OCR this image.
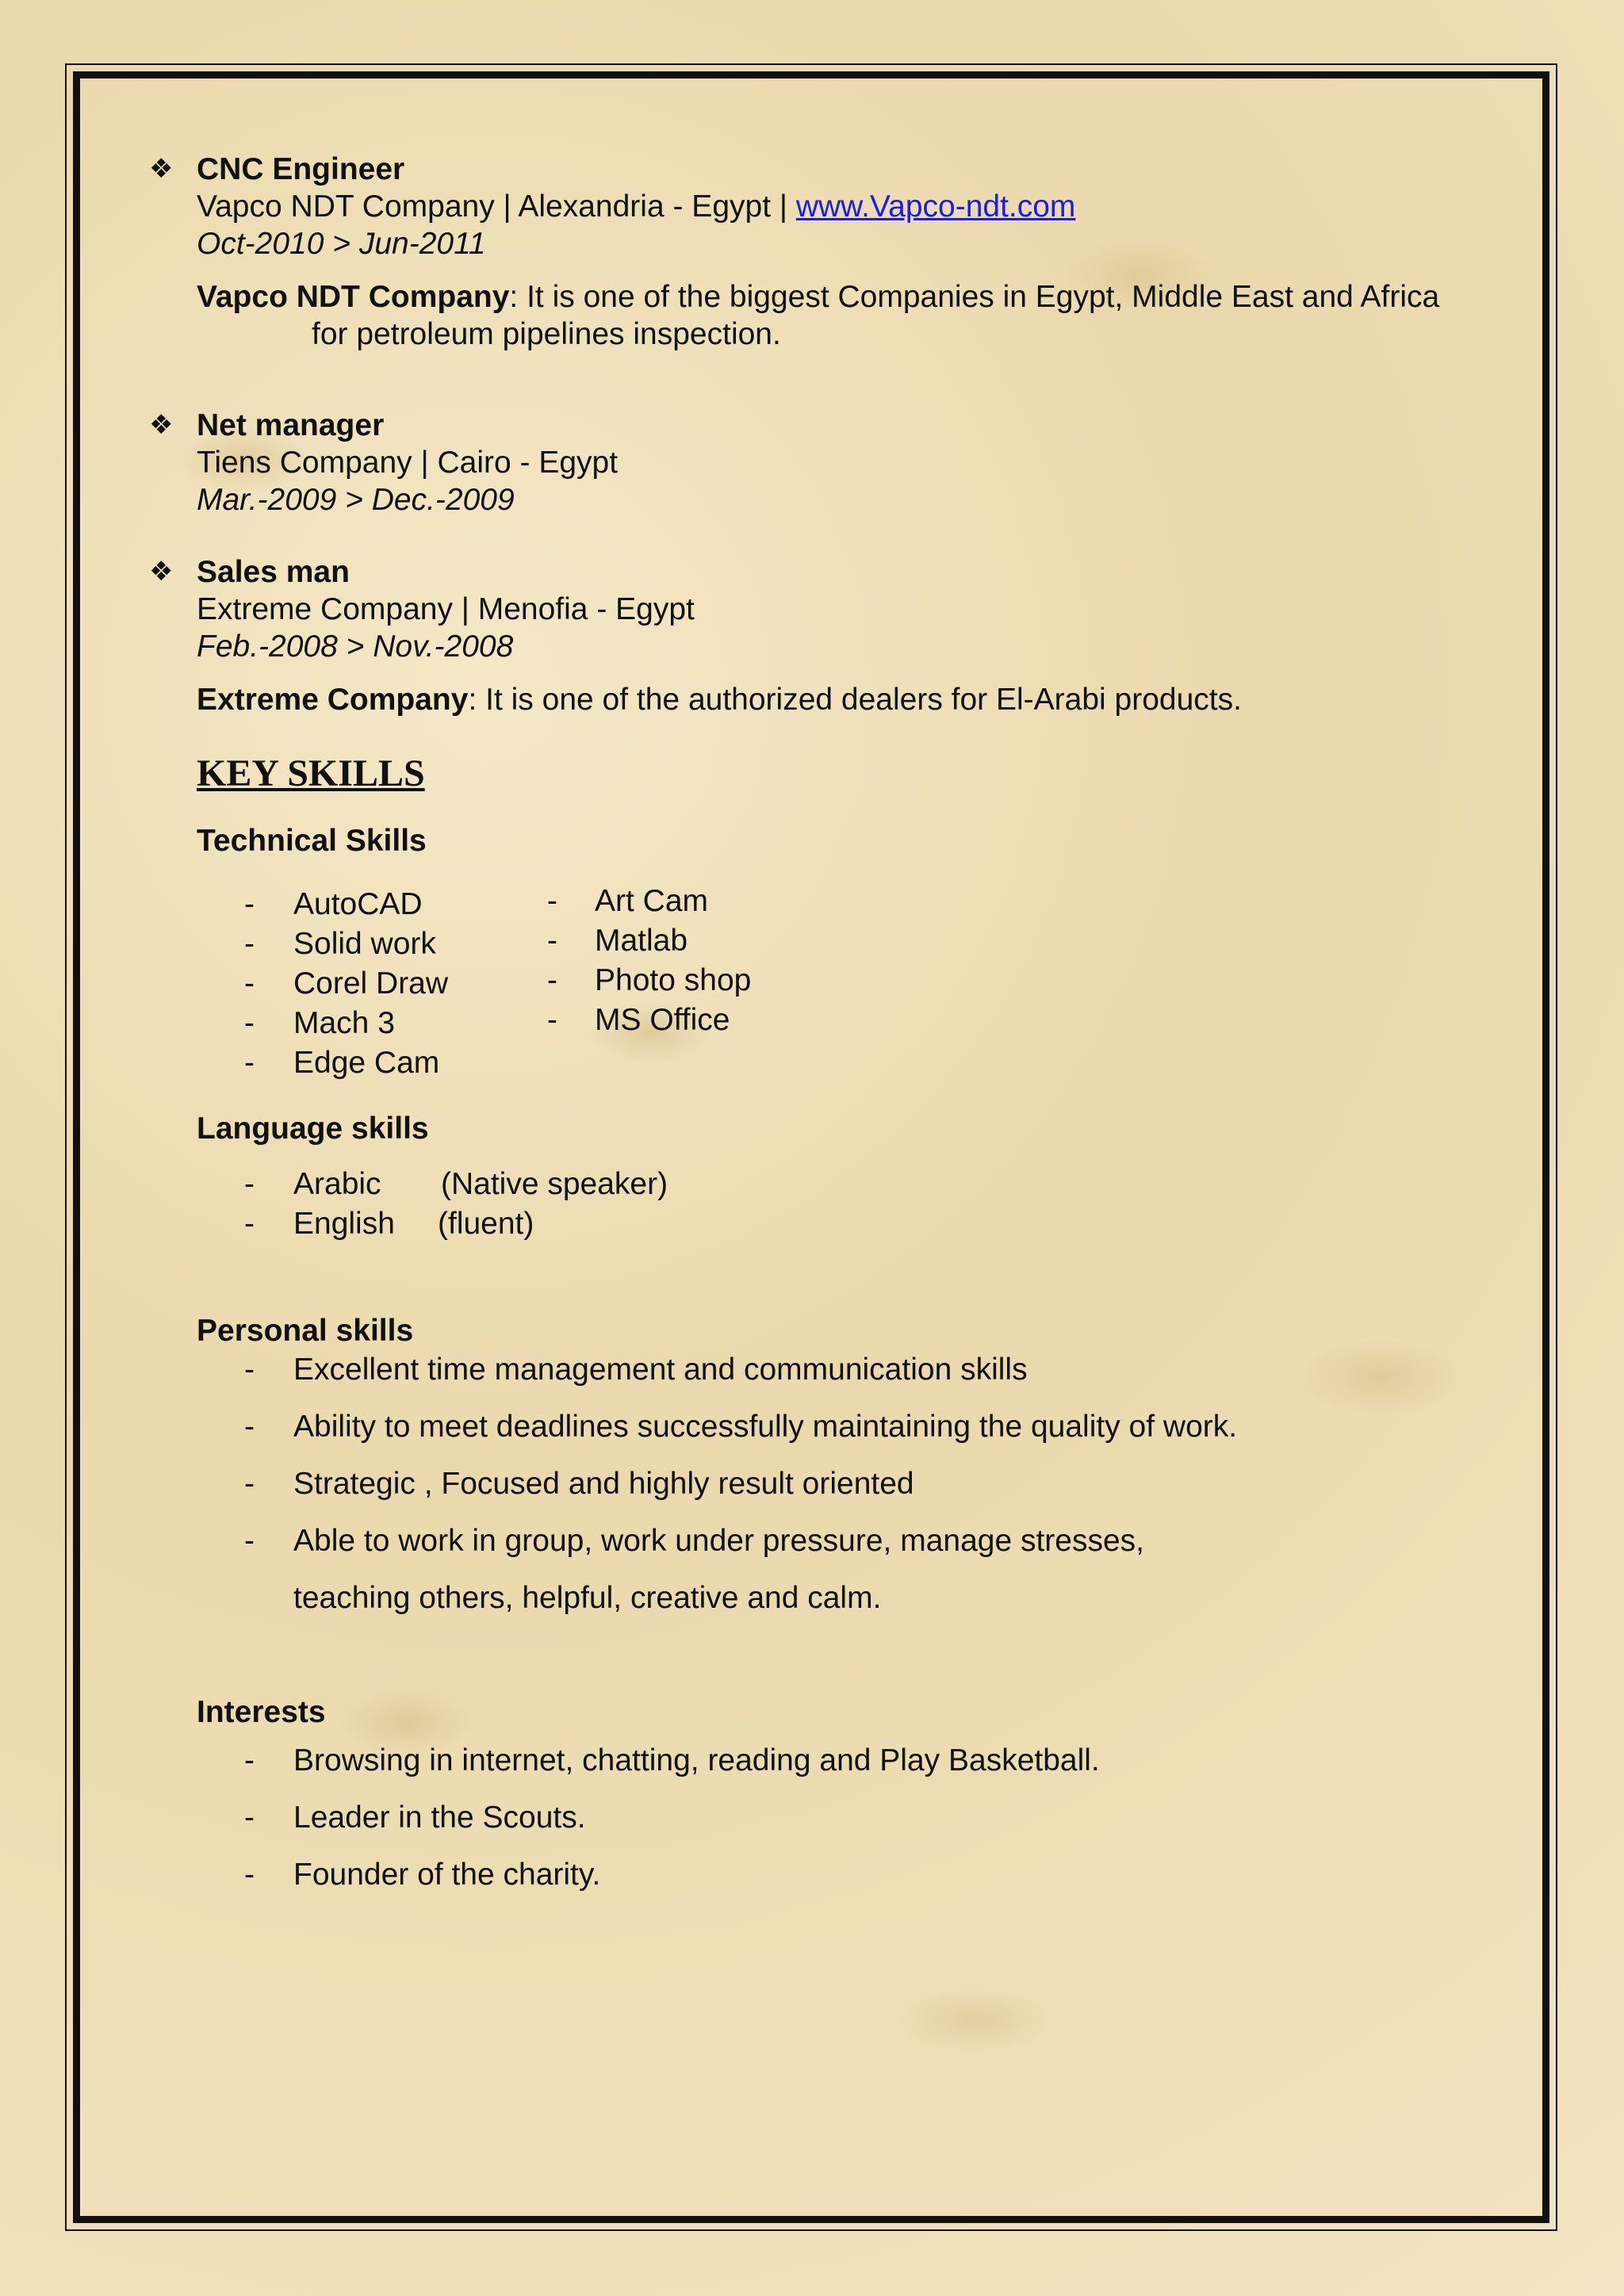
❖ CNC Engineer
Vapco NDT Company | Alexandria - Egypt | www.Vapco-ndt.com
Oct-2010 > Jun-2011
Vapco NDT Company: It is one of the biggest Companies in Egypt, Middle East and Africa for petroleum pipelines inspection.
❖ Net manager
Tiens Company | Cairo - Egypt
Mar.-2009 > Dec.-2009
❖ Sales man
Extreme Company | Menofia - Egypt
Feb.-2008 > Nov.-2008
Extreme Company: It is one of the authorized dealers for El-Arabi products.
KEY SKILLS
Technical Skills
- AutoCAD
- Solid work
- Corel Draw
- Mach 3
- Edge Cam
- Art Cam
- Matlab
- Photo shop
- MS Office
Language skills
- Arabic (Native speaker)
- English (fluent)
Personal skills
- Excellent time management and communication skills
- Ability to meet deadlines successfully maintaining the quality of work.
- Strategic , Focused and highly result oriented
- Able to work in group, work under pressure, manage stresses, teaching others, helpful, creative and calm.
Interests
- Browsing in internet, chatting, reading and Play Basketball.
- Leader in the Scouts.
- Founder of the charity.
